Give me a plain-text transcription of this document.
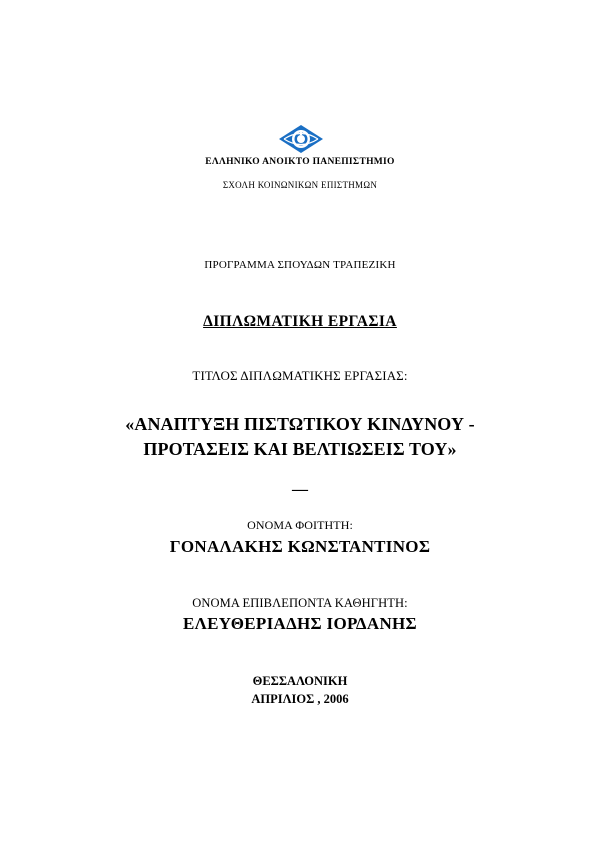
ΕΛΛΗΝΙΚΟ ΑΝΟΙΚΤΟ ΠΑΝΕΠΙΣΤΗΜΙΟ
ΣΧΟΛΗ ΚΟΙΝΩΝΙΚΩΝ ΕΠΙΣΤΗΜΩΝ
ΠΡΟΓΡΑΜΜΑ ΣΠΟΥΔΩΝ ΤΡΑΠΕΖΙΚΗ
ΔΙΠΛΩΜΑΤΙΚΗ ΕΡΓΑΣΙΑ
ΤΙΤΛΟΣ ΔΙΠΛΩΜΑΤΙΚΗΣ ΕΡΓΑΣΙΑΣ:
«ΑΝΑΠΤΥΞΗ ΠΙΣΤΩΤΙΚΟΥ ΚΙΝΔΥΝΟΥ -
ΠΡΟΤΑΣΕΙΣ ΚΑΙ ΒΕΛΤΙΩΣΕΙΣ ΤΟΥ»
—
ΟΝΟΜΑ ΦΟΙΤΗΤΗ:
ΓΟΝΑΛΑΚΗΣ ΚΩΝΣΤΑΝΤΙΝΟΣ
ΟΝΟΜΑ ΕΠΙΒΛΕΠΟΝΤΑ ΚΑΘΗΓΗΤΗ:
ΕΛΕΥΘΕΡΙΑΔΗΣ ΙΟΡΔΑΝΗΣ
ΘΕΣΣΑΛΟΝΙΚΗ
ΑΠΡΙΛΙΟΣ , 2006
